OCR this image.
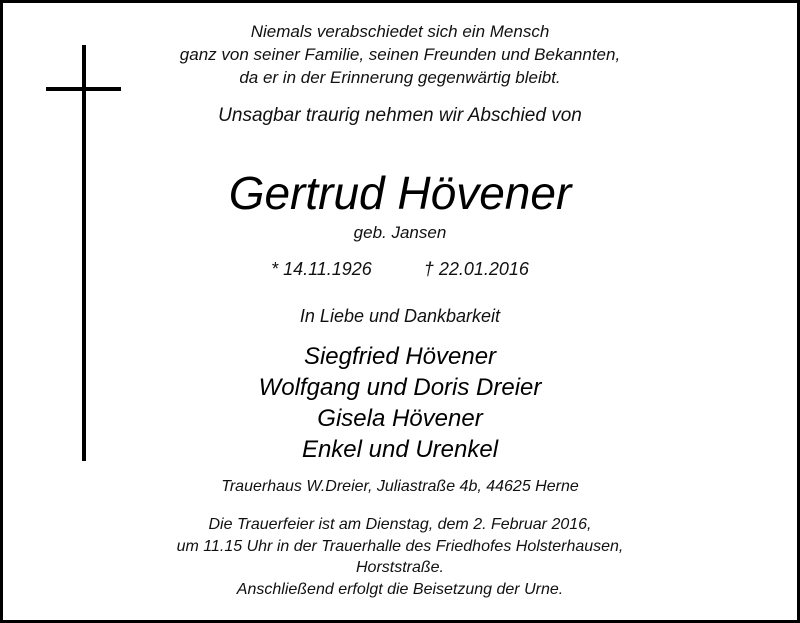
Niemals verabschiedet sich ein Mensch
ganz von seiner Familie, seinen Freunden und Bekannten,
da er in der Erinnerung gegenwärtig bleibt.
Unsagbar traurig nehmen wir Abschied von
Gertrud Hövener
geb. Jansen
* 14.11.1926	† 22.01.2016
In Liebe und Dankbarkeit
Siegfried Hövener
Wolfgang und Doris Dreier
Gisela Hövener
Enkel und Urenkel
Trauerhaus W.Dreier, Juliastraße 4b, 44625 Herne
Die Trauerfeier ist am Dienstag, dem 2. Februar 2016,
um 11.15 Uhr in der Trauerhalle des Friedhofes Holsterhausen,
Horststraße.
Anschließend erfolgt die Beisetzung der Urne.
